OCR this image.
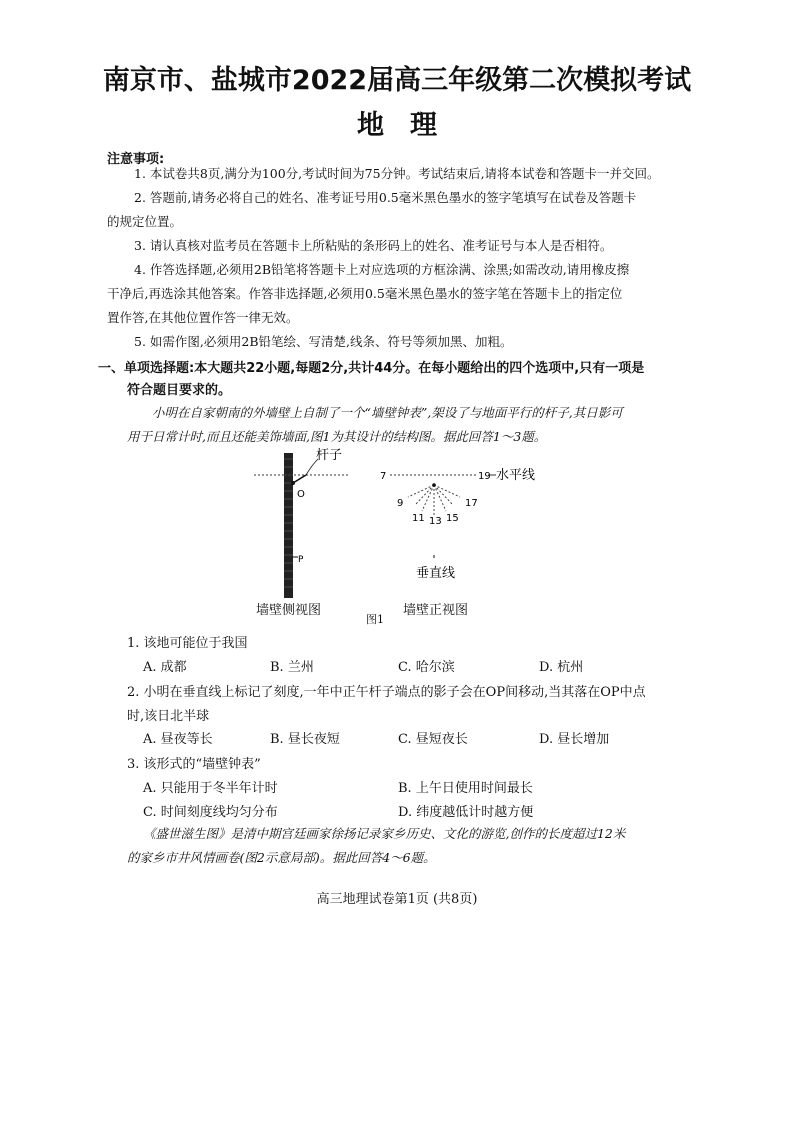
南京市、盐城市2022届高三年级第二次模拟考试
地理
注意事项:
1. 本试卷共8页,满分为100分,考试时间为75分钟。考试结束后,请将本试卷和答题卡一并交回。
2. 答题前,请务必将自己的姓名、准考证号用0.5毫米黑色墨水的签字笔填写在试卷及答题卡
的规定位置。
3. 请认真核对监考员在答题卡上所粘贴的条形码上的姓名、准考证号与本人是否相符。
4. 作答选择题,必须用2B铅笔将答题卡上对应选项的方框涂满、涂黑;如需改动,请用橡皮擦
干净后,再选涂其他答案。作答非选择题,必须用0.5毫米黑色墨水的签字笔在答题卡上的指定位
置作答,在其他位置作答一律无效。
5. 如需作图,必须用2B铅笔绘、写清楚,线条、符号等须加黑、加粗。
一、单项选择题:本大题共22小题,每题2分,共计44分。在每小题给出的四个选项中,只有一项是
符合题目要求的。
小明在自家朝南的外墙壁上自制了一个“墙壁钟表”,架设了与地面平行的杆子,其日影可
用于日常计时,而且还能美饰墙面,图1为其设计的结构图。据此回答1～3题。
杆子
O
P
7	19 水平线
9
11 13 15
17
垂直线
墙壁侧视图	墙壁正视图
图1
1. 该地可能位于我国
A. 成都	B. 兰州	C. 哈尔滨	D. 杭州
2. 小明在垂直线上标记了刻度,一年中正午杆子端点的影子会在OP间移动,当其落在OP中点
时,该日北半球
A. 昼夜等长	B. 昼长夜短	C. 昼短夜长	D. 昼长增加
3. 该形式的“墙壁钟表”
A. 只能用于冬半年计时	B. 上午日使用时间最长
C. 时间刻度线均匀分布	D. 纬度越低计时越方便
《盛世滋生图》是清中期宫廷画家徐扬记录家乡历史、文化的游览,创作的长度超过12米
的家乡市井风情画卷(图2示意局部)。据此回答4～6题。
高三地理试卷第1页 (共8页)
